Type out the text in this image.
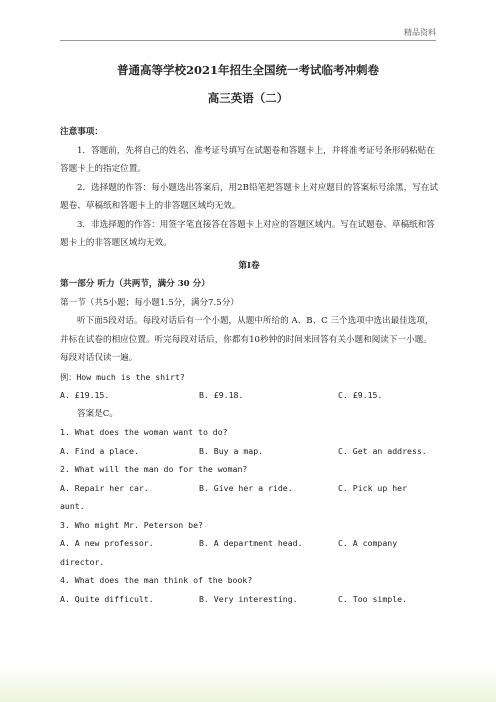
精品资料
普通高等学校2021年招生全国统一考试临考冲刺卷
高三英语（二）

注意事项：

1．答题前，先将自己的姓名、准考证号填写在试题卷和答题卡上，并将准考证号条形码粘贴在答题卡上的指定位置。

2．选择题的作答：每小题选出答案后，用2B铅笔把答题卡上对应题目的答案标号涂黑，写在试题卷、草稿纸和答题卡上的非答题区域均无效。

3．非选择题的作答：用签字笔直接答在答题卡上对应的答题区域内。写在试题卷、草稿纸和答题卡上的非答题区域均无效。

第Ⅰ卷

第一部分 听力（共两节，满分 30 分）

第一节（共5小题；每小题1.5分，满分7.5分）

听下面5段对话。每段对话后有一个小题，从题中所给的 A、B、C 三个选项中选出最佳选项，并标在试卷的相应位置。听完每段对话后，你都有10秒钟的时间来回答有关小题和阅读下一小题。每段对话仅读一遍。

例：How much is the shirt?

A. £19.15.	B. £9.18.	C. £9.15.

答案是C。

1. What does the woman want to do?

A. Find a place.	B. Buy a map.	C. Get an address.

2. What will the man do for the woman?

A. Repair her car.	B. Give her a ride.	C. Pick up her

aunt.

3. Who might Mr. Peterson be?

A. A new professor.	B. A department head.	C. A company

director.

4. What does the man think of the book?

A. Quite difficult.	B. Very interesting.	C. Too simple.
